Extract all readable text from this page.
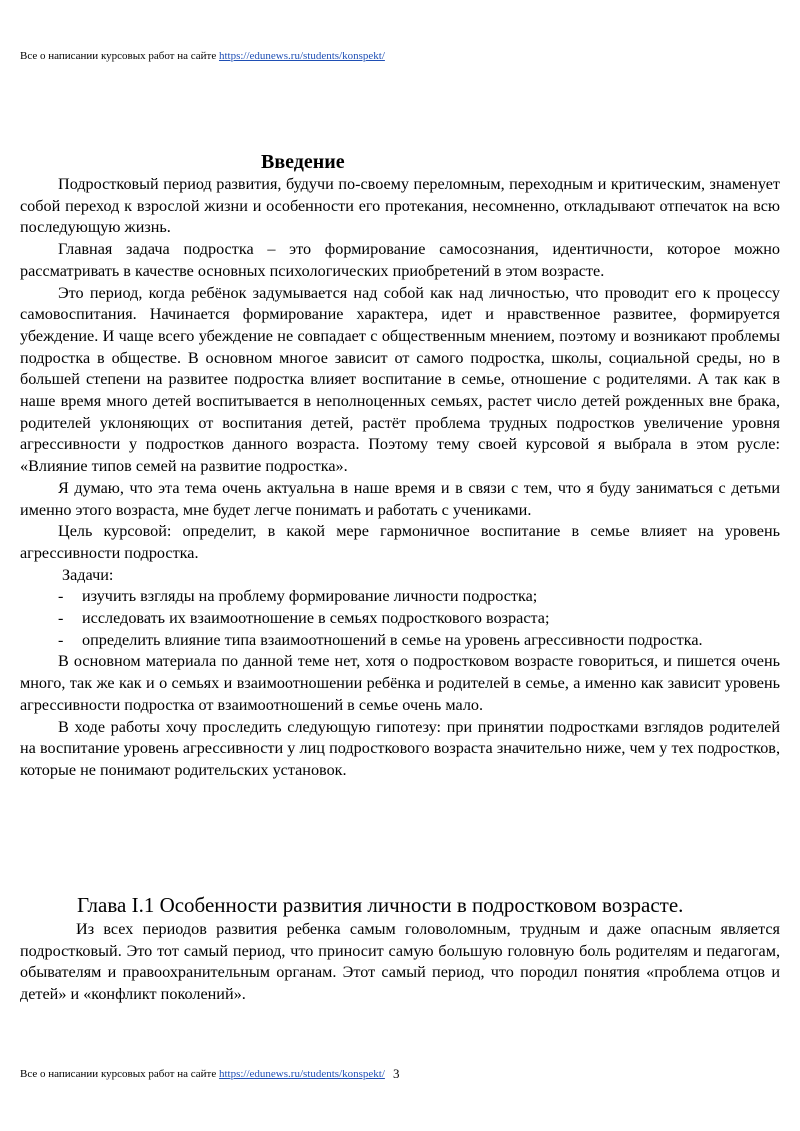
Все о написании курсовых работ на сайте https://edunews.ru/students/konspekt/
Введение

Подростковый период развития, будучи по-своему переломным, переходным и критическим, знаменует собой переход к взрослой жизни и особенности его протекания, несомненно, откладывают отпечаток на всю последующую жизнь.

Главная задача подростка – это формирование самосознания, идентичности, которое можно рассматривать в качестве основных психологических приобретений в этом возрасте.

Это период, когда ребёнок задумывается над собой как над личностью, что проводит его к процессу самовоспитания. Начинается формирование характера, идет и нравственное развитее, формируется убеждение. И чаще всего убеждение не совпадает с общественным мнением, поэтому и возникают проблемы подростка в обществе. В основном многое зависит от самого подростка, школы, социальной среды, но в большей степени на развитее подростка влияет воспитание в семье, отношение с родителями. А так как в наше время много детей воспитывается в неполноценных семьях, растет число детей рожденных вне брака, родителей уклоняющих от воспитания детей, растёт проблема трудных подростков увеличение уровня агрессивности у подростков данного возраста. Поэтому тему своей курсовой я выбрала в этом русле: «Влияние типов семей на развитие подростка».

Я думаю, что эта тема очень актуальна в наше время и в связи с тем, что я буду заниматься с детьми именно этого возраста, мне будет легче понимать и работать с учениками.

Цель курсовой: определит, в какой мере гармоничное воспитание в семье влияет на уровень агрессивности подростка.

Задачи:

- изучить взгляды на проблему формирование личности подростка;
- исследовать их взаимоотношение в семьях подросткового возраста;
- определить влияние типа взаимоотношений в семье на уровень агрессивности подростка.

В основном материала по данной теме нет, хотя о подростковом возрасте говориться, и пишется очень много, так же как и о семьях и взаимоотношении ребёнка и родителей в семье, а именно как зависит уровень агрессивности подростка от взаимоотношений в семье очень мало.

В ходе работы хочу проследить следующую гипотезу: при принятии подростками взглядов родителей на воспитание уровень агрессивности у лиц подросткового возраста значительно ниже, чем у тех подростков, которые не понимают родительских установок.

Глава I.1 Особенности развития личности в подростковом возрасте.

Из всех периодов развития ребенка самым головоломным, трудным и даже опасным является подростковый. Это тот самый период, что приносит самую большую головную боль родителям и педагогам, обывателям и правоохранительным органам. Этот самый период, что породил понятия «проблема отцов и детей» и «конфликт поколений».

Все о написании курсовых работ на сайте https://edunews.ru/students/konspekt/ 3
